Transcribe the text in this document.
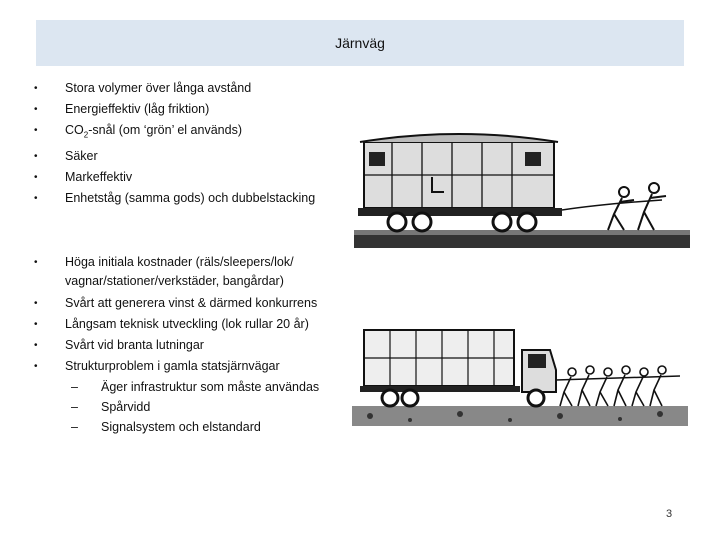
Järnväg
• Stora volymer över långa avstånd
• Energieffektiv (låg friktion)
• $CO_2$-snål (om ‘grön’ el används)
• Säker
• Markeffektiv
• Enhetståg (samma gods) och dubbelstacking
• Höga initiala kostnader (räls/sleepers/lok/ vagnar/stationer/verkstäder, bangårdar)
• Svårt att generera vinst & därmed konkurrens
• Långsam teknisk utveckling (lok rullar 20 år)
• Svårt vid branta lutningar
• Strukturproblem i gamla statsjärnvägar
– Äger infrastruktur som måste användas
– Spårvidd
– Signalsystem och elstandard
3
